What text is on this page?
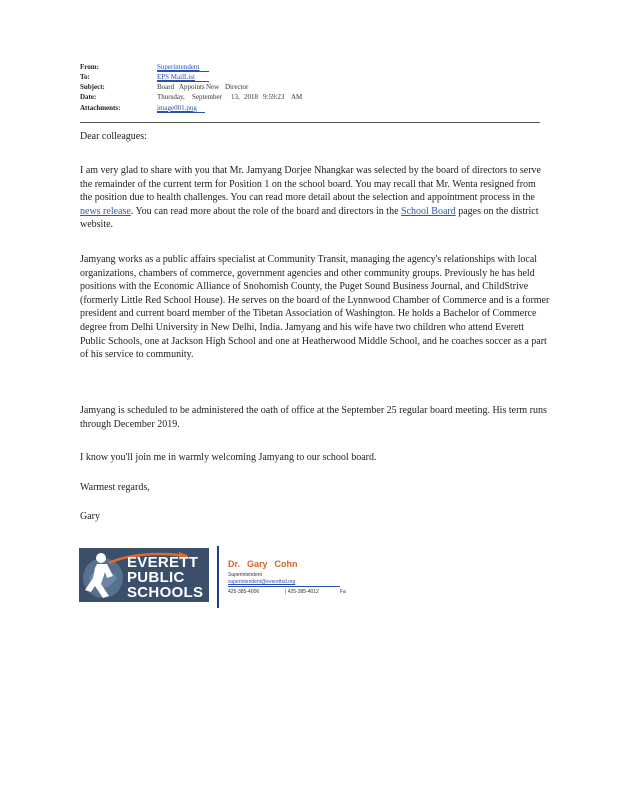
From:	Superintendent
To:	EPS MailList
Subject:	Board Appoints New Director
Date:	Thursday, September 13, 2018 9:59:23 AM
Attachments:	image001.png
Dear colleagues:

I am very glad to share with you that Mr. Jamyang Dorjee Nhangkar was selected by the board of directors to serve the remainder of the current term for Position 1 on the school board. You may recall that Mr. Wenta resigned from the position due to health challenges. You can read more detail about the selection and appointment process in the news release. You can read more about the role of the board and directors in the School Board pages on the district website.

Jamyang works as a public affairs specialist at Community Transit, managing the agency's relationships with local organizations, chambers of commerce, government agencies and other community groups. Previously he has held positions with the Economic Alliance of Snohomish County, the Puget Sound Business Journal, and ChildStrive (formerly Little Red School House). He serves on the board of the Lynnwood Chamber of Commerce and is a former president and current board member of the Tibetan Association of Washington. He holds a Bachelor of Commerce degree from Delhi University in New Delhi, India. Jamyang and his wife have two children who attend Everett Public Schools, one at Jackson High School and one at Heatherwood Middle School, and he coaches soccer as a part of his service to community.
Jamyang is scheduled to be administered the oath of office at the September 25 regular board meeting. His term runs through December 2019.
I know you'll join me in warmly welcoming Jamyang to our school board.
Warmest regards,
Gary
EVERETT
PUBLIC
SCHOOLS
Dr. Gary Cohn
Superintendent
superintendent@everettsd.org
425-385-4006	| 425-385-4012	Fa
